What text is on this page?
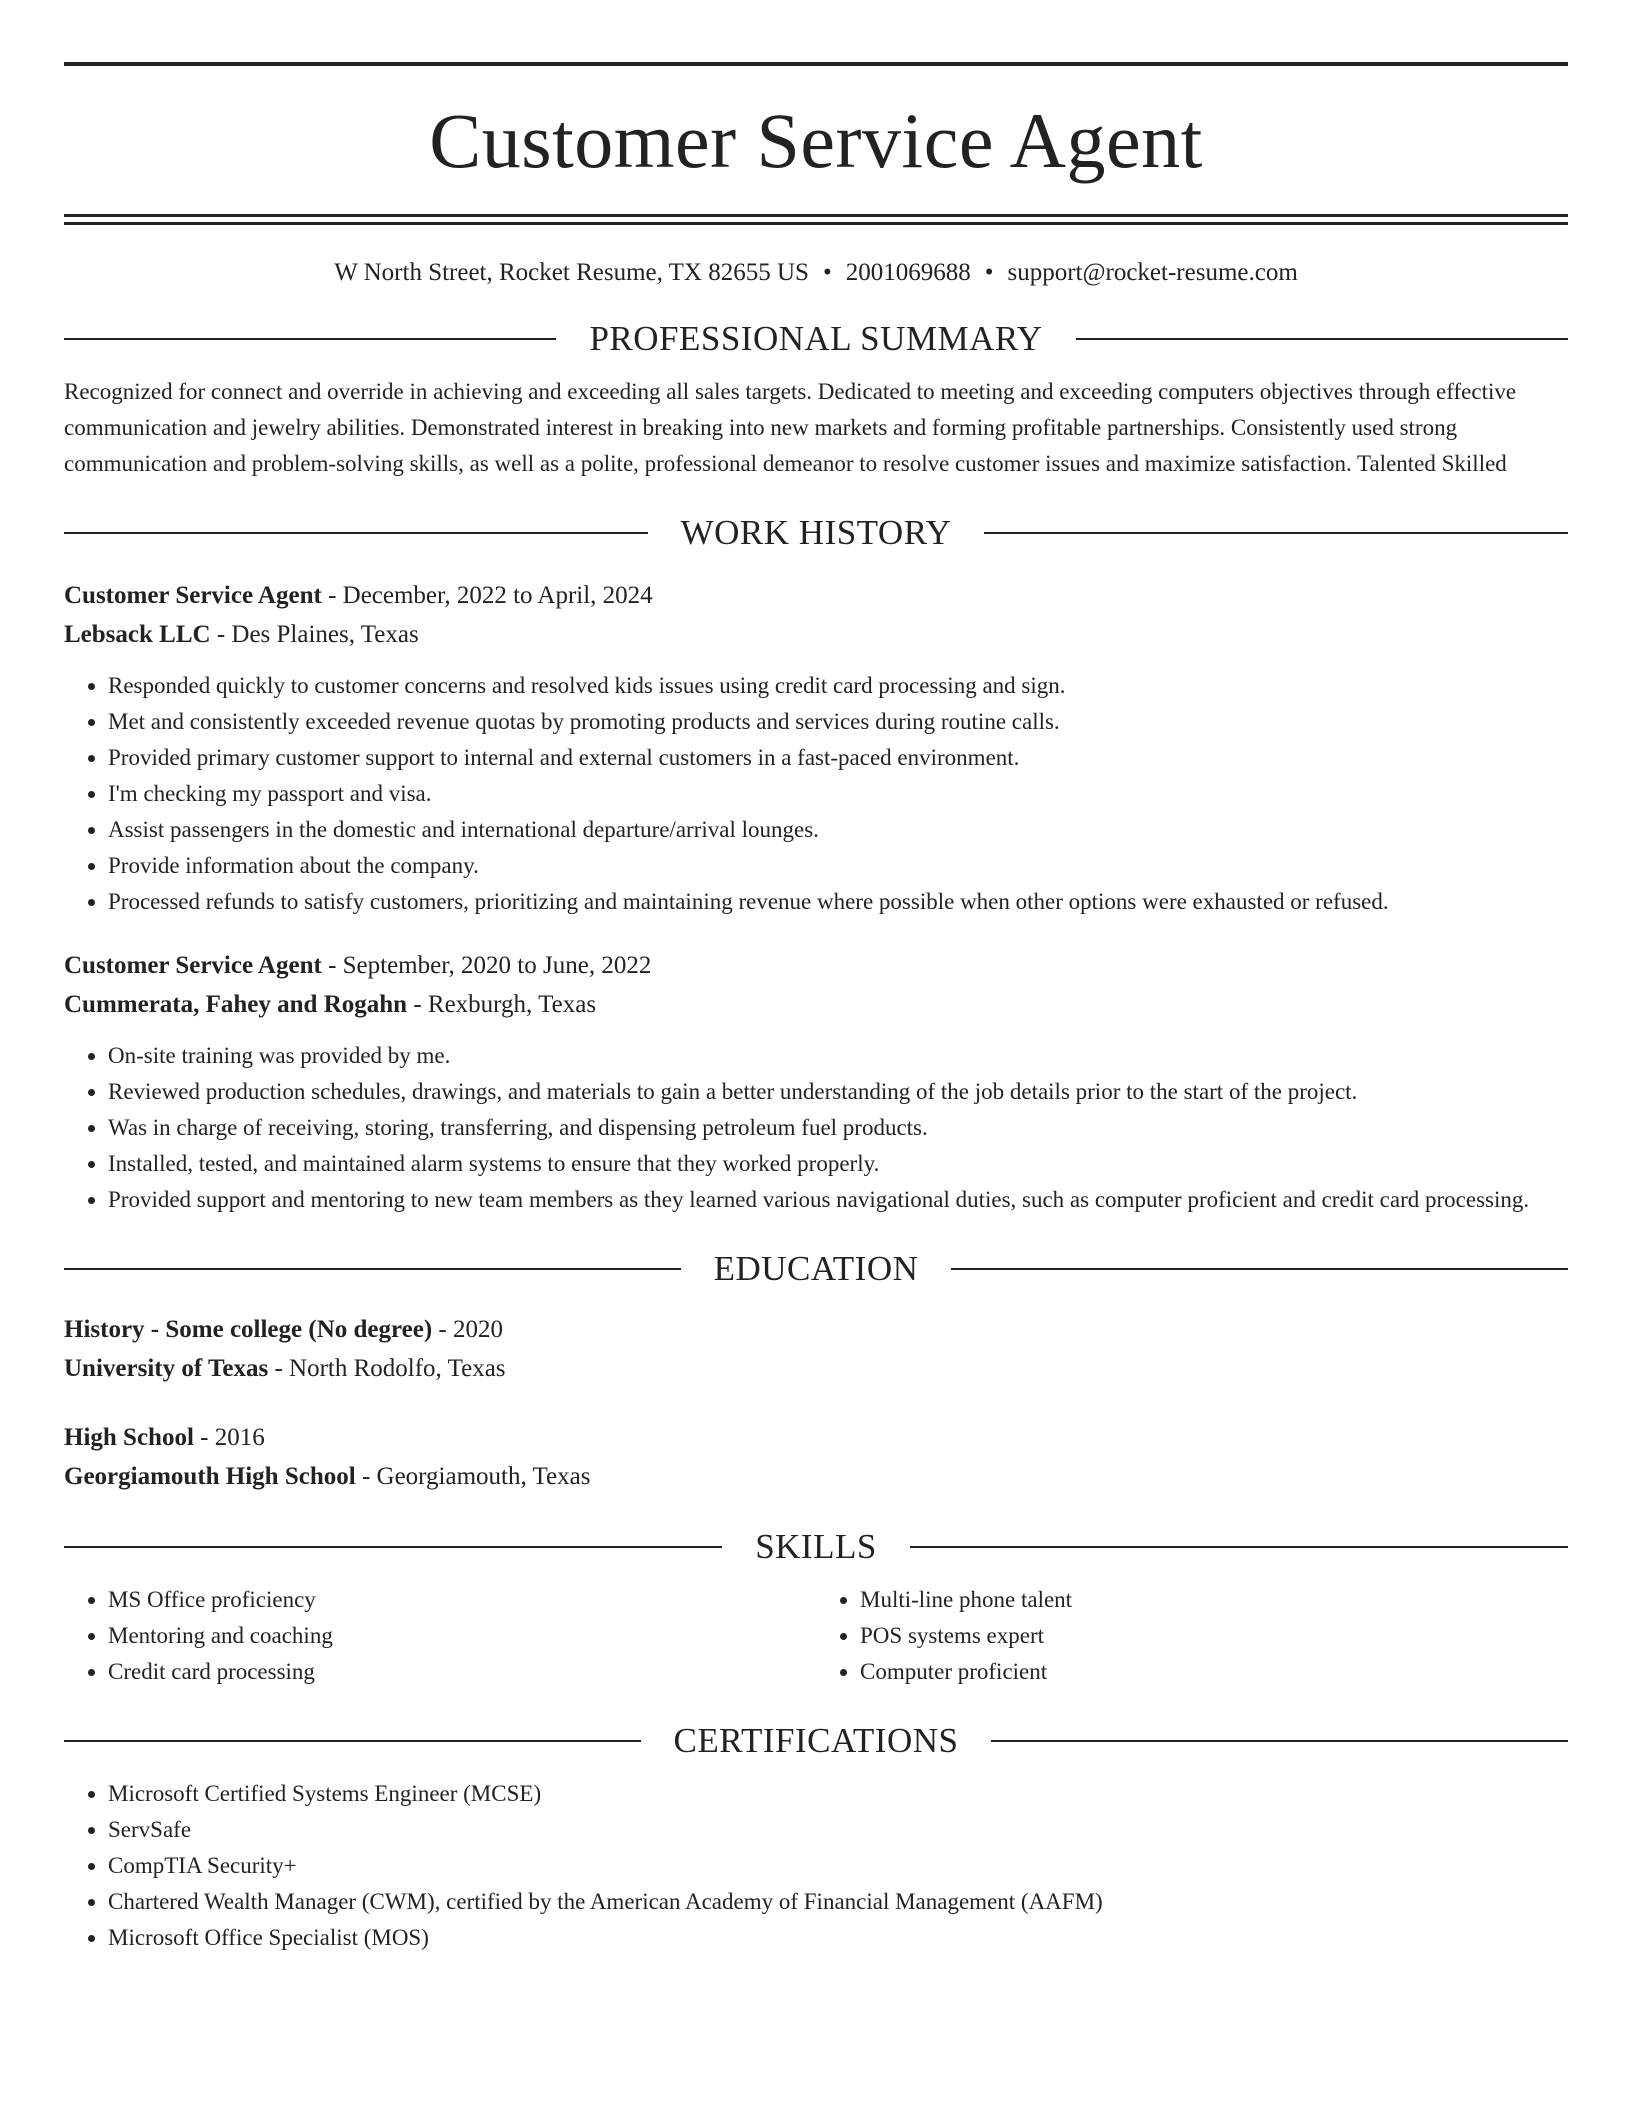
Customer Service Agent
W North Street, Rocket Resume, TX 82655 US • 2001069688 • support@rocket-resume.com
PROFESSIONAL SUMMARY
Recognized for connect and override in achieving and exceeding all sales targets. Dedicated to meeting and exceeding computers objectives through effective communication and jewelry abilities. Demonstrated interest in breaking into new markets and forming profitable partnerships. Consistently used strong communication and problem-solving skills, as well as a polite, professional demeanor to resolve customer issues and maximize satisfaction. Talented Skilled
WORK HISTORY
Customer Service Agent - December, 2022 to April, 2024
Lebsack LLC - Des Plaines, Texas
• Responded quickly to customer concerns and resolved kids issues using credit card processing and sign.
• Met and consistently exceeded revenue quotas by promoting products and services during routine calls.
• Provided primary customer support to internal and external customers in a fast-paced environment.
• I'm checking my passport and visa.
• Assist passengers in the domestic and international departure/arrival lounges.
• Provide information about the company.
• Processed refunds to satisfy customers, prioritizing and maintaining revenue where possible when other options were exhausted or refused.
Customer Service Agent - September, 2020 to June, 2022
Cummerata, Fahey and Rogahn - Rexburgh, Texas
• On-site training was provided by me.
• Reviewed production schedules, drawings, and materials to gain a better understanding of the job details prior to the start of the project.
• Was in charge of receiving, storing, transferring, and dispensing petroleum fuel products.
• Installed, tested, and maintained alarm systems to ensure that they worked properly.
• Provided support and mentoring to new team members as they learned various navigational duties, such as computer proficient and credit card processing.
EDUCATION
History - Some college (No degree) - 2020
University of Texas - North Rodolfo, Texas
High School - 2016
Georgiamouth High School - Georgiamouth, Texas
SKILLS
• MS Office proficiency
• Mentoring and coaching
• Credit card processing
• Multi-line phone talent
• POS systems expert
• Computer proficient
CERTIFICATIONS
• Microsoft Certified Systems Engineer (MCSE)
• ServSafe
• CompTIA Security+
• Chartered Wealth Manager (CWM), certified by the American Academy of Financial Management (AAFM)
• Microsoft Office Specialist (MOS)
